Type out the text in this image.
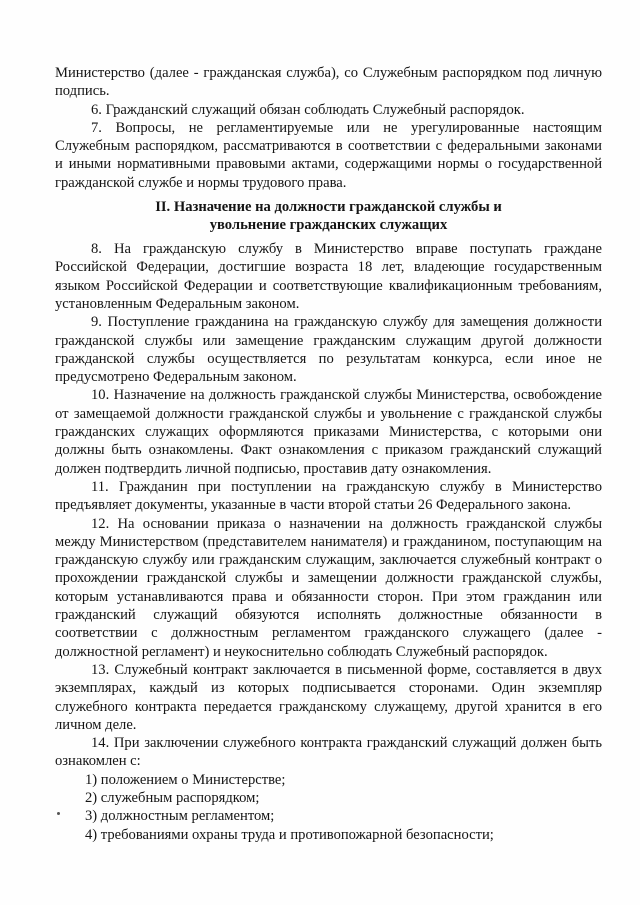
Министерство (далее - гражданская служба), со Служебным распорядком под личную подпись.

6. Гражданский служащий обязан соблюдать Служебный распорядок.

7. Вопросы, не регламентируемые или не урегулированные настоящим Служебным распорядком, рассматриваются в соответствии с федеральными законами и иными нормативными правовыми актами, содержащими нормы о государственной гражданской службе и нормы трудового права.

II. Назначение на должности гражданской службы и
увольнение гражданских служащих

8. На гражданскую службу в Министерство вправе поступать граждане Российской Федерации, достигшие возраста 18 лет, владеющие государственным языком Российской Федерации и соответствующие квалификационным требованиям, установленным Федеральным законом.

9. Поступление гражданина на гражданскую службу для замещения должности гражданской службы или замещение гражданским служащим другой должности гражданской службы осуществляется по результатам конкурса, если иное не предусмотрено Федеральным законом.

10. Назначение на должность гражданской службы Министерства, освобождение от замещаемой должности гражданской службы и увольнение с гражданской службы гражданских служащих оформляются приказами Министерства, с которыми они должны быть ознакомлены. Факт ознакомления с приказом гражданский служащий должен подтвердить личной подписью, проставив дату ознакомления.

11. Гражданин при поступлении на гражданскую службу в Министерство предъявляет документы, указанные в части второй статьи 26 Федерального закона.

12. На основании приказа о назначении на должность гражданской службы между Министерством (представителем нанимателя) и гражданином, поступающим на гражданскую службу или гражданским служащим, заключается служебный контракт о прохождении гражданской службы и замещении должности гражданской службы, которым устанавливаются права и обязанности сторон. При этом гражданин или гражданский служащий обязуются исполнять должностные обязанности в соответствии с должностным регламентом гражданского служащего (далее - должностной регламент) и неукоснительно соблюдать Служебный распорядок.

13. Служебный контракт заключается в письменной форме, составляется в двух экземплярах, каждый из которых подписывается сторонами. Один экземпляр служебного контракта передается гражданскому служащему, другой хранится в его личном деле.

14. При заключении служебного контракта гражданский служащий должен быть ознакомлен с:

1) положением о Министерстве;

2) служебным распорядком;

3) должностным регламентом;

4) требованиями охраны труда и противопожарной безопасности;
